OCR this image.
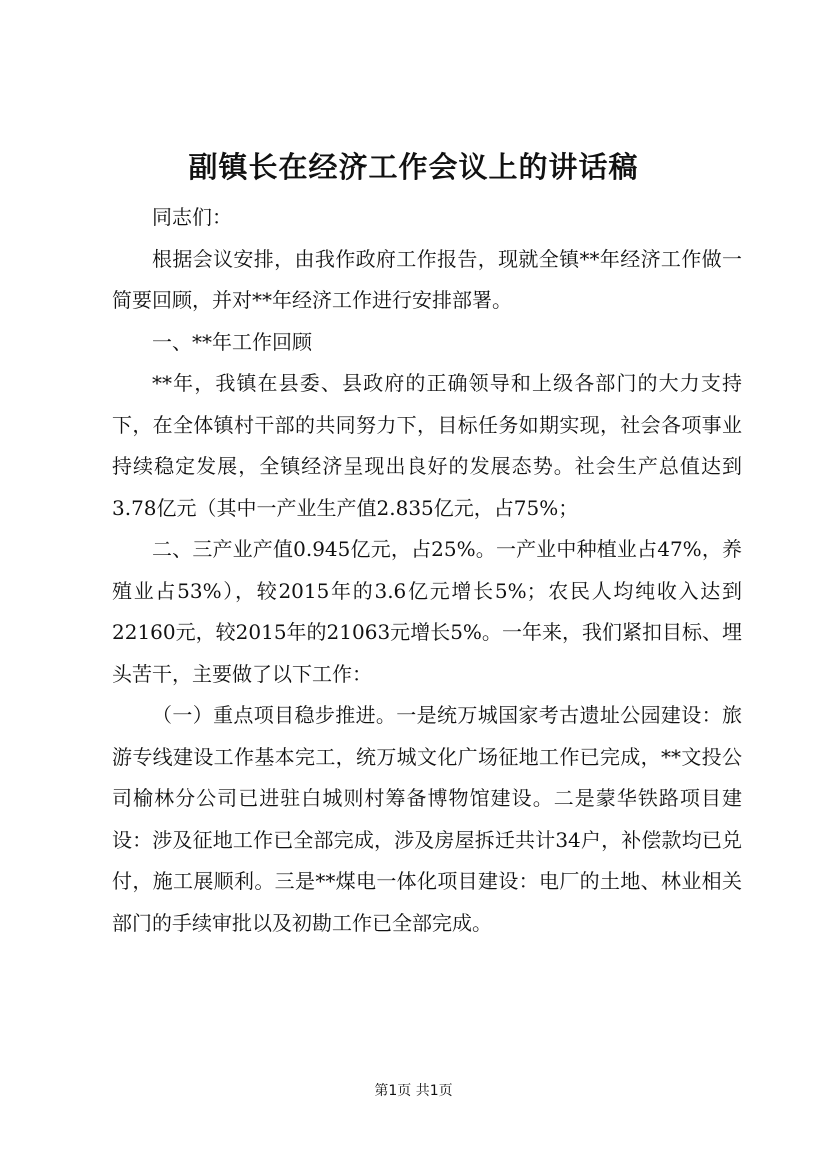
副镇长在经济工作会议上的讲话稿

同志们：

根据会议安排，由我作政府工作报告，现就全镇**年经济工作做一简要回顾，并对**年经济工作进行安排部署。

一、**年工作回顾

**年，我镇在县委、县政府的正确领导和上级各部门的大力支持下，在全体镇村干部的共同努力下，目标任务如期实现，社会各项事业持续稳定发展，全镇经济呈现出良好的发展态势。社会生产总值达到3.78亿元（其中一产业生产值2.835亿元，占75%；

二、三产业产值0.945亿元，占25%。一产业中种植业占47%，养殖业占53%），较2015年的3.6亿元增长5%；农民人均纯收入达到22160元，较2015年的21063元增长5%。一年来，我们紧扣目标、埋头苦干，主要做了以下工作：

（一）重点项目稳步推进。一是统万城国家考古遗址公园建设：旅游专线建设工作基本完工，统万城文化广场征地工作已完成，**文投公司榆林分公司已进驻白城则村筹备博物馆建设。二是蒙华铁路项目建设：涉及征地工作已全部完成，涉及房屋拆迁共计34户，补偿款均已兑付，施工展顺利。三是**煤电一体化项目建设：电厂的土地、林业相关部门的手续审批以及初勘工作已全部完成。

第1页 共1页
